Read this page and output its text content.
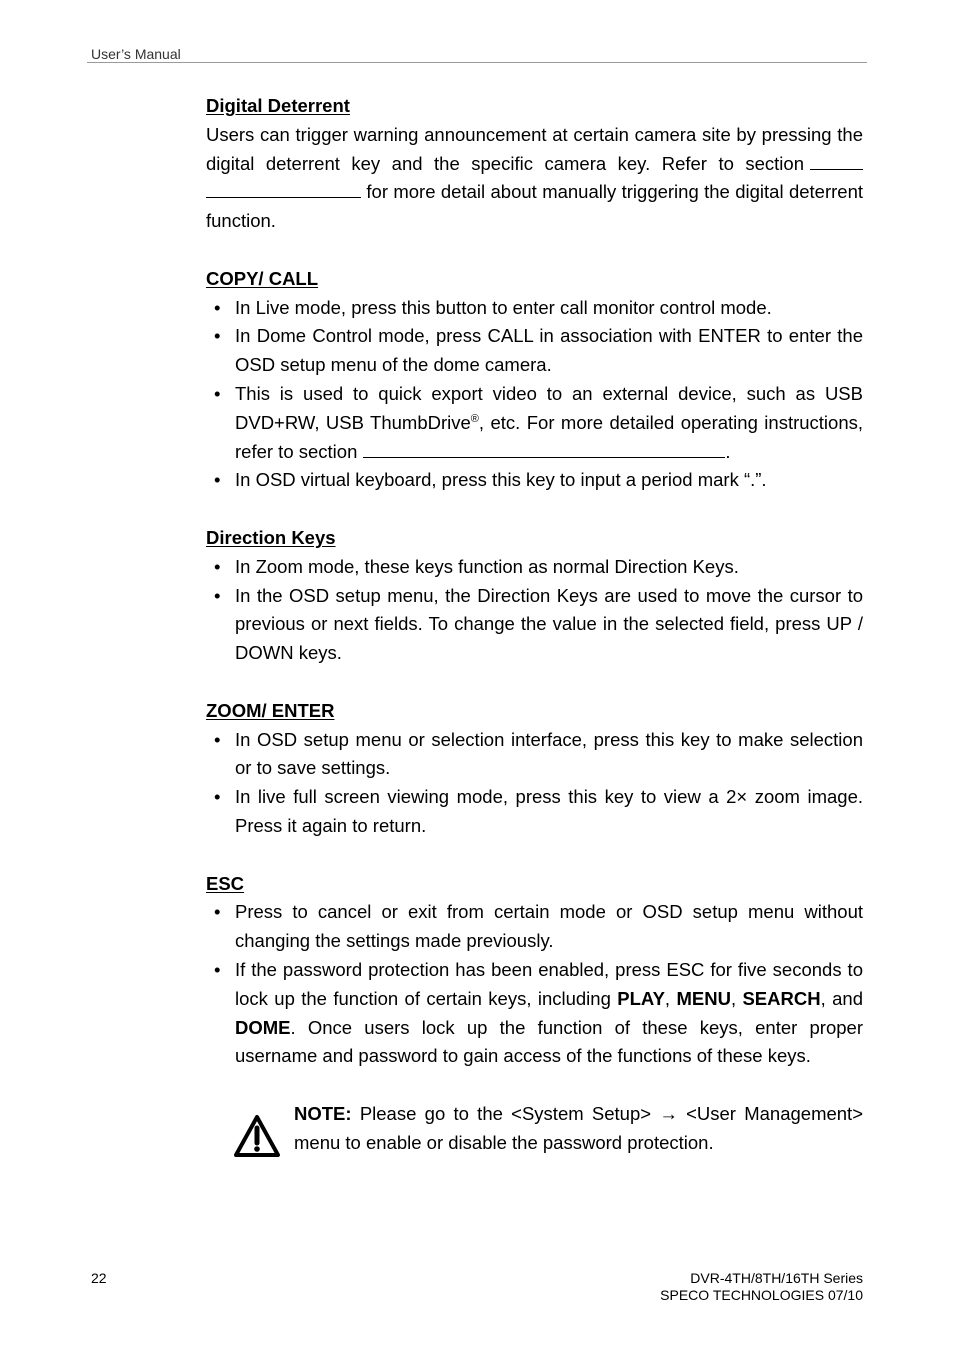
User’s Manual
Digital Deterrent

Users can trigger warning announcement at certain camera site by pressing the digital deterrent key and the specific camera key. Refer to section for more detail about manually triggering the digital deterrent function.

COPY/ CALL
• In Live mode, press this button to enter call monitor control mode.
• In Dome Control mode, press CALL in association with ENTER to enter the OSD setup menu of the dome camera.
• This is used to quick export video to an external device, such as USB DVD+RW, USB ThumbDrive®, etc. For more detailed operating instructions, refer to section	.
• In OSD virtual keyboard, press this key to input a period mark “.”.
Direction Keys
• In Zoom mode, these keys function as normal Direction Keys.
• In the OSD setup menu, the Direction Keys are used to move the cursor to previous or next fields. To change the value in the selected field, press UP / DOWN keys.
ZOOM/ ENTER
• In OSD setup menu or selection interface, press this key to make selection or to save settings.
• In live full screen viewing mode, press this key to view a 2× zoom image. Press it again to return.
ESC
• Press to cancel or exit from certain mode or OSD setup menu without changing the settings made previously.
• If the password protection has been enabled, press ESC for five seconds to lock up the function of certain keys, including PLAY, MENU, SEARCH, and DOME. Once users lock up the function of these keys, enter proper username and password to gain access of the functions of these keys.

NOTE: Please go to the <System Setup> → <User Management> menu to enable or disable the password protection.

22	DVR-4TH/8TH/16TH Series
SPECO TECHNOLOGIES 07/10
